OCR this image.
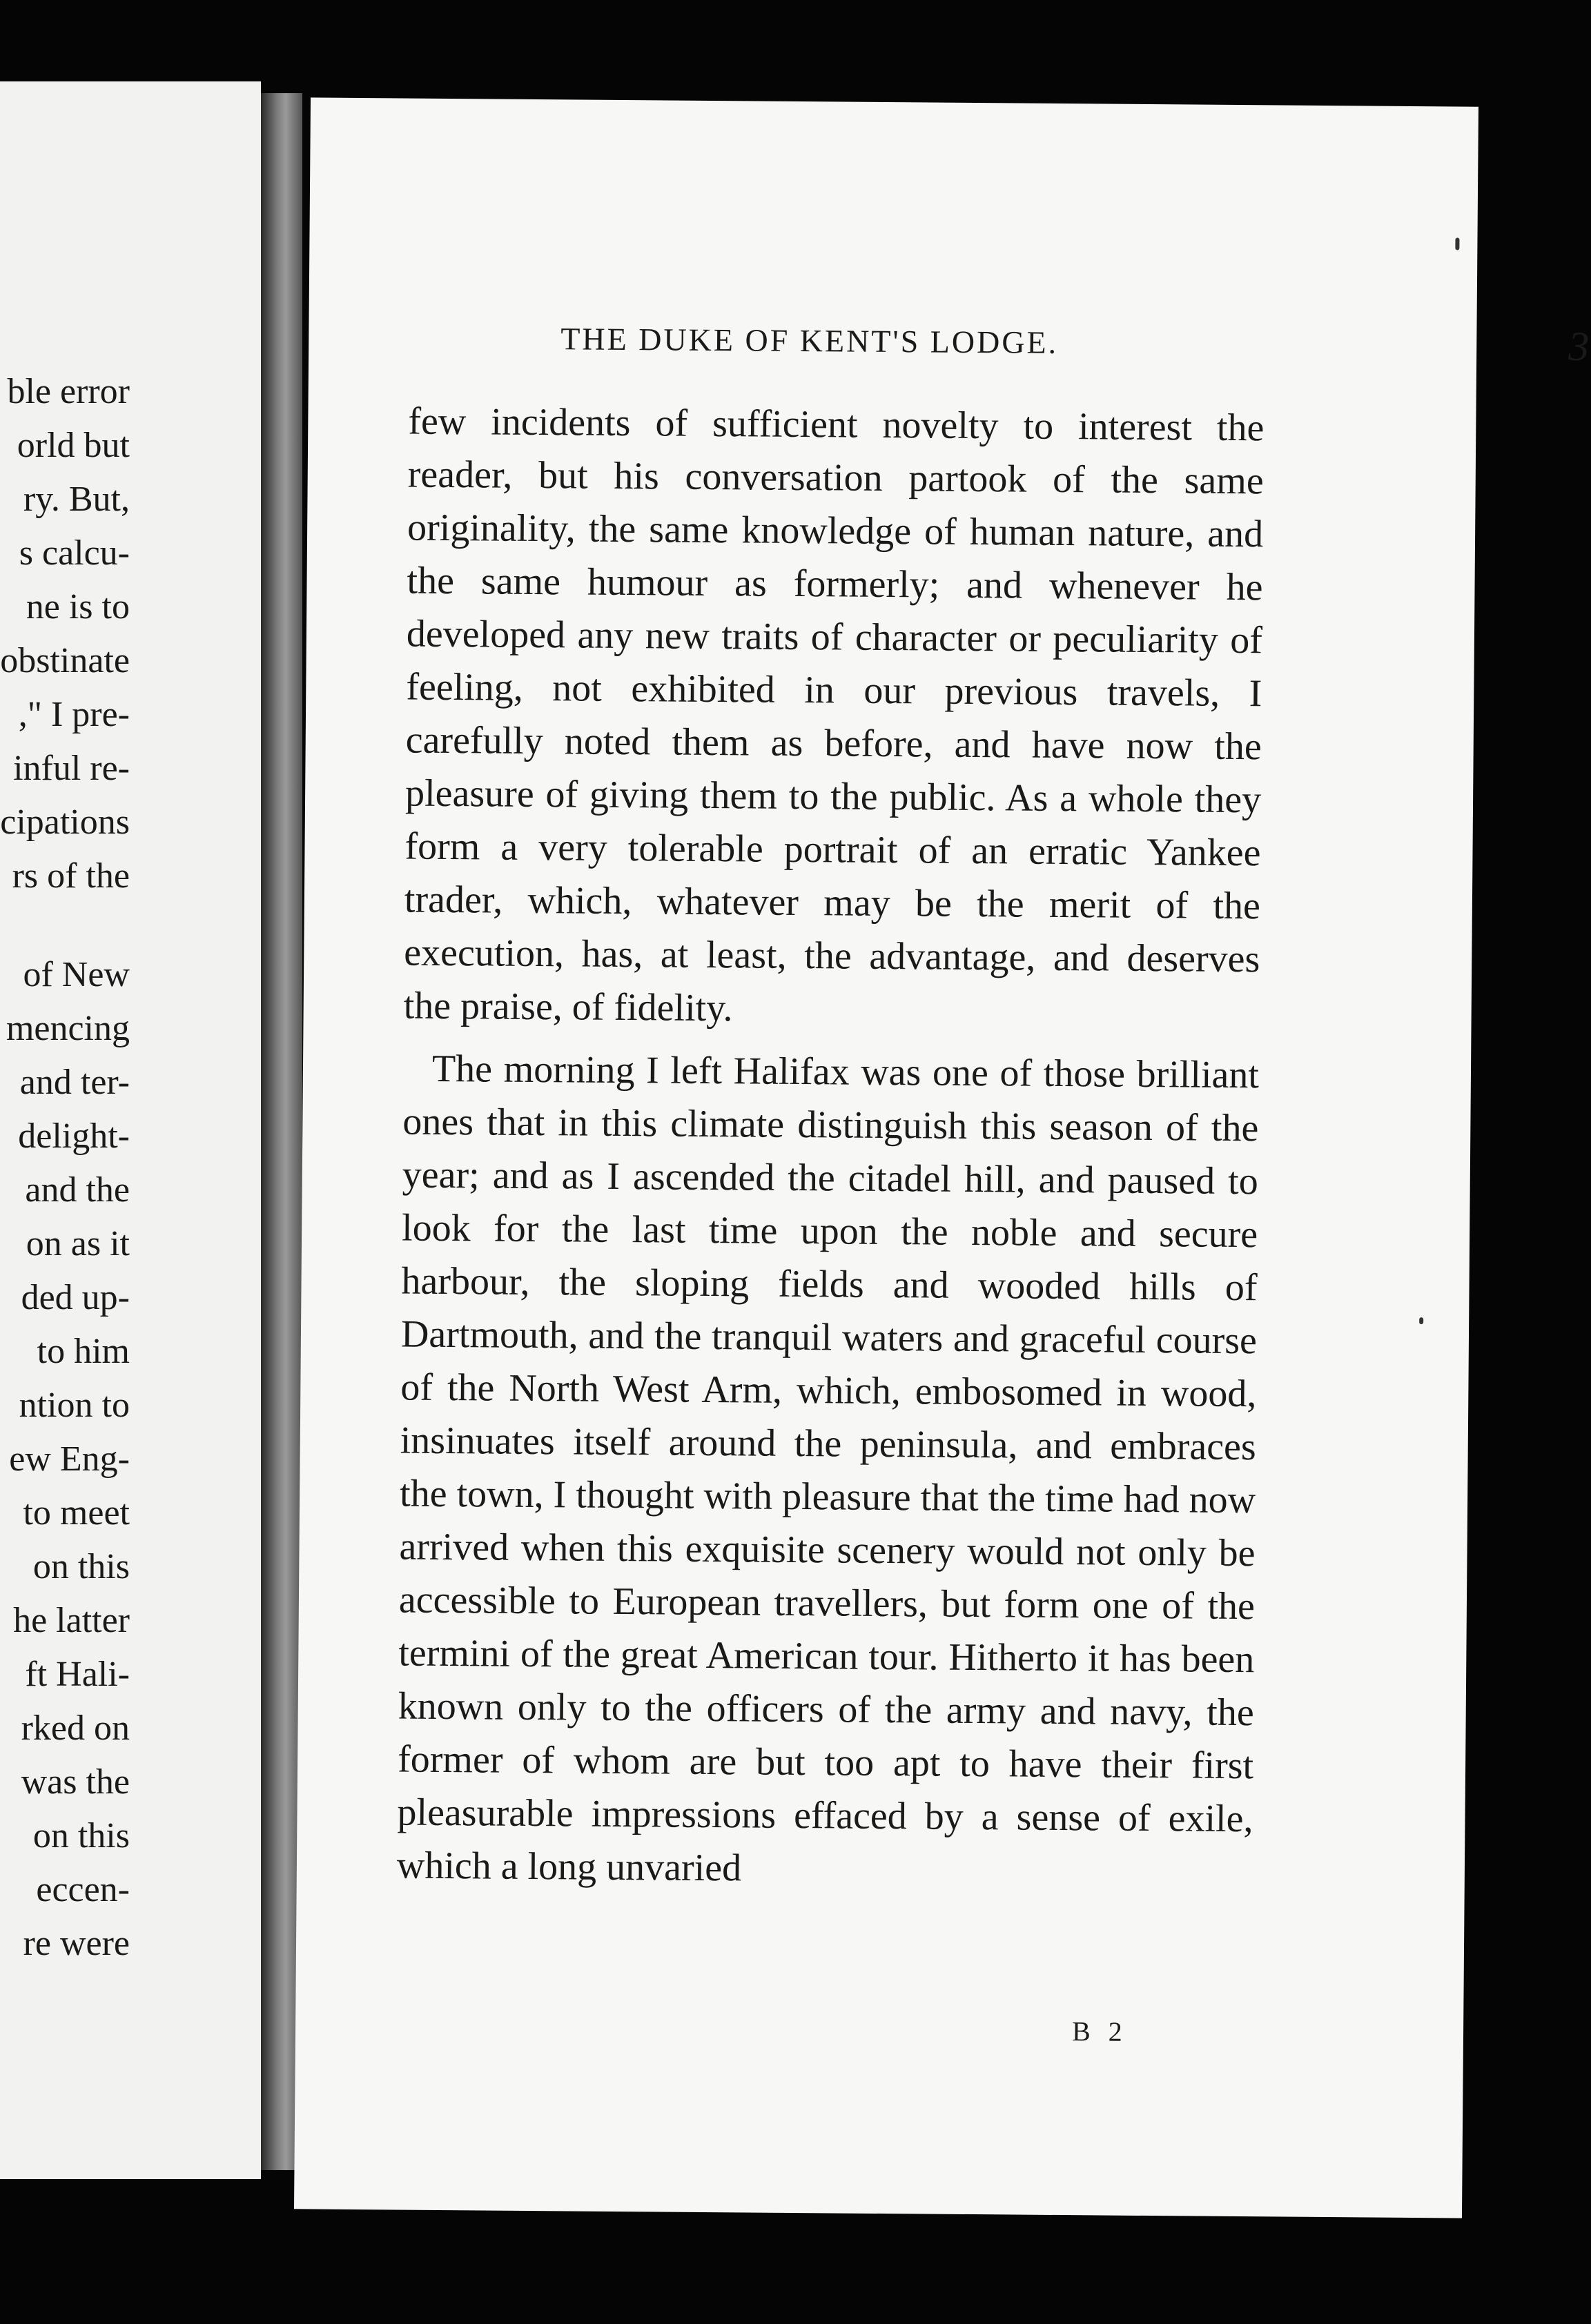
ble error
orld but
ry. But,
s calcu-
ne is to
obstinate
," I pre-
inful re-
cipations
rs of the
of New
mencing
and ter-
delight-
and the
on as it
ded up-
to him
ntion to
ew Eng-
to meet
on this
he latter
ft Hali-
rked on
was the
on this
eccen-
re were
THE DUKE OF KENT'S LODGE.	3

few incidents of sufficient novelty to interest the reader, but his conversation partook of the same originality, the same knowledge of human nature, and the same humour as formerly; and whenever he developed any new traits of character or peculiarity of feeling, not exhibited in our previous travels, I carefully noted them as before, and have now the pleasure of giving them to the public. As a whole they form a very tolerable portrait of an erratic Yankee trader, which, whatever may be the merit of the execution, has, at least, the advantage, and deserves the praise, of fidelity.

The morning I left Halifax was one of those brilliant ones that in this climate distinguish this season of the year; and as I ascended the citadel hill, and paused to look for the last time upon the noble and secure harbour, the sloping fields and wooded hills of Dartmouth, and the tranquil waters and graceful course of the North West Arm, which, embosomed in wood, insinuates itself around the peninsula, and embraces the town, I thought with pleasure that the time had now arrived when this exquisite scenery would not only be accessible to European travellers, but form one of the termini of the great American tour. Hitherto it has been known only to the officers of the army and navy, the former of whom are but too apt to have their first pleasurable impressions effaced by a sense of exile, which a long unvaried

B 2
